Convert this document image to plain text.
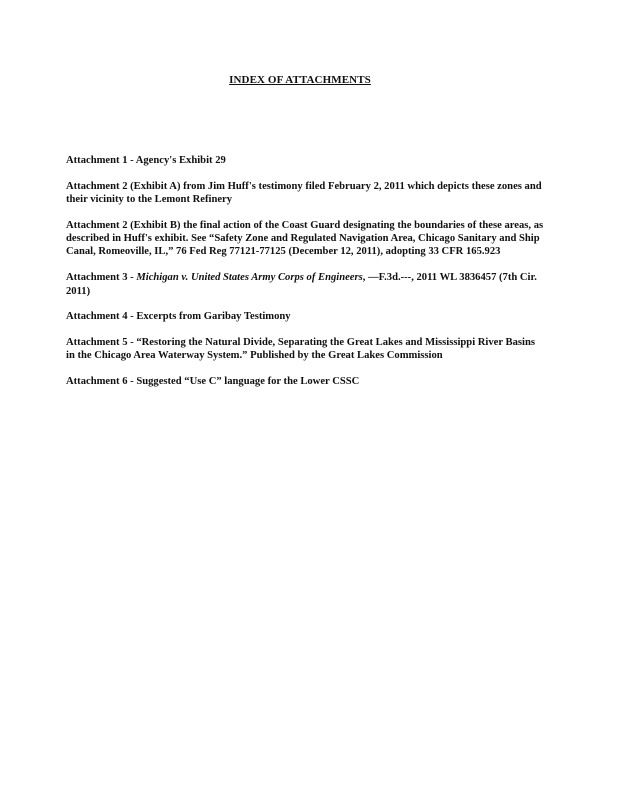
INDEX OF ATTACHMENTS

Attachment 1 - Agency's Exhibit 29

Attachment 2 (Exhibit A) from Jim Huff's testimony filed February 2, 2011 which depicts these zones and their vicinity to the Lemont Refinery

Attachment 2 (Exhibit B) the final action of the Coast Guard designating the boundaries of these areas, as described in Huff's exhibit. See “Safety Zone and Regulated Navigation Area, Chicago Sanitary and Ship Canal, Romeoville, IL,” 76 Fed Reg 77121-77125 (December 12, 2011), adopting 33 CFR 165.923

Attachment 3 - Michigan v. United States Army Corps of Engineers, —F.3d.---, 2011 WL 3836457 (7th Cir. 2011)

Attachment 4 - Excerpts from Garibay Testimony

Attachment 5 - “Restoring the Natural Divide, Separating the Great Lakes and Mississippi River Basins in the Chicago Area Waterway System.” Published by the Great Lakes Commission

Attachment 6 - Suggested “Use C” language for the Lower CSSC
